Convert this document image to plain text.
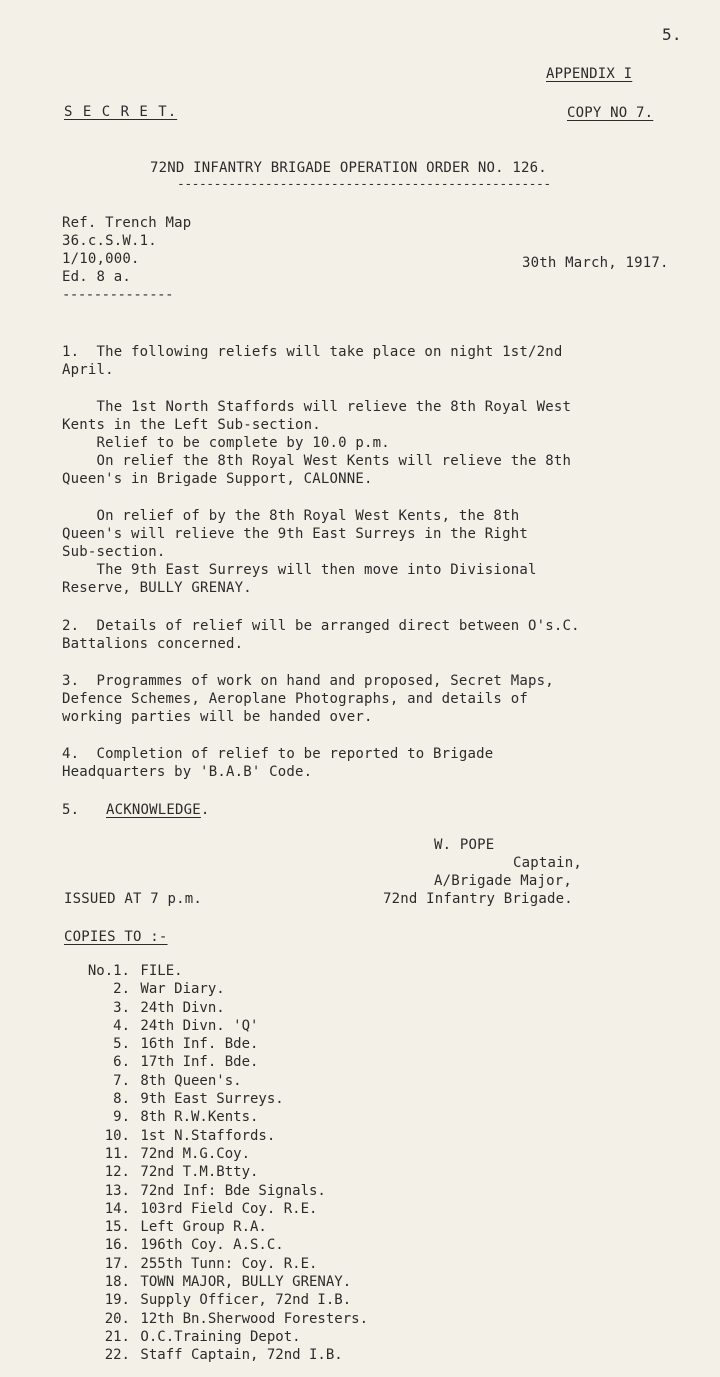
5.
APPENDIX I
S E C R E T.	COPY NO 7.
72ND INFANTRY BRIGADE OPERATION ORDER NO. 126.
---------------------------------------------------
Ref. Trench Map
36.c.S.W.1.
1/10,000.
Ed. 8 a.
--------------
30th March, 1917.
1.  The following reliefs will take place on night 1st/2nd
April.
The 1st North Staffords will relieve the 8th Royal West
Kents in the Left Sub-section.
Relief to be complete by 10.0 p.m.
On relief the 8th Royal West Kents will relieve the 8th
Queen's in Brigade Support, CALONNE.
On relief of by the 8th Royal West Kents, the 8th
Queen's will relieve the 9th East Surreys in the Right
Sub-section.
The 9th East Surreys will then move into Divisional
Reserve, BULLY GRENAY.
2.  Details of relief will be arranged direct between O's.C.
Battalions concerned.
3.  Programmes of work on hand and proposed, Secret Maps,
Defence Schemes, Aeroplane Photographs, and details of
working parties will be handed over.
4.  Completion of relief to be reported to Brigade
Headquarters by 'B.A.B' Code.
5. ACKNOWLEDGE.
W. POPE
Captain,
A/Brigade Major,
72nd Infantry Brigade.
ISSUED AT 7 p.m.
COPIES TO :-
No.1. FILE.
2. War Diary.
3. 24th Divn.
4. 24th Divn. 'Q'
5. 16th Inf. Bde.
6. 17th Inf. Bde.
7. 8th Queen's.
8. 9th East Surreys.
9. 8th R.W.Kents.
10. 1st N.Staffords.
11. 72nd M.G.Coy.
12. 72nd T.M.Btty.
13. 72nd Inf: Bde Signals.
14. 103rd Field Coy. R.E.
15. Left Group R.A.
16. 196th Coy. A.S.C.
17. 255th Tunn: Coy. R.E.
18. TOWN MAJOR, BULLY GRENAY.
19. Supply Officer, 72nd I.B.
20. 12th Bn.Sherwood Foresters.
21. O.C.Training Depot.
22. Staff Captain, 72nd I.B.
